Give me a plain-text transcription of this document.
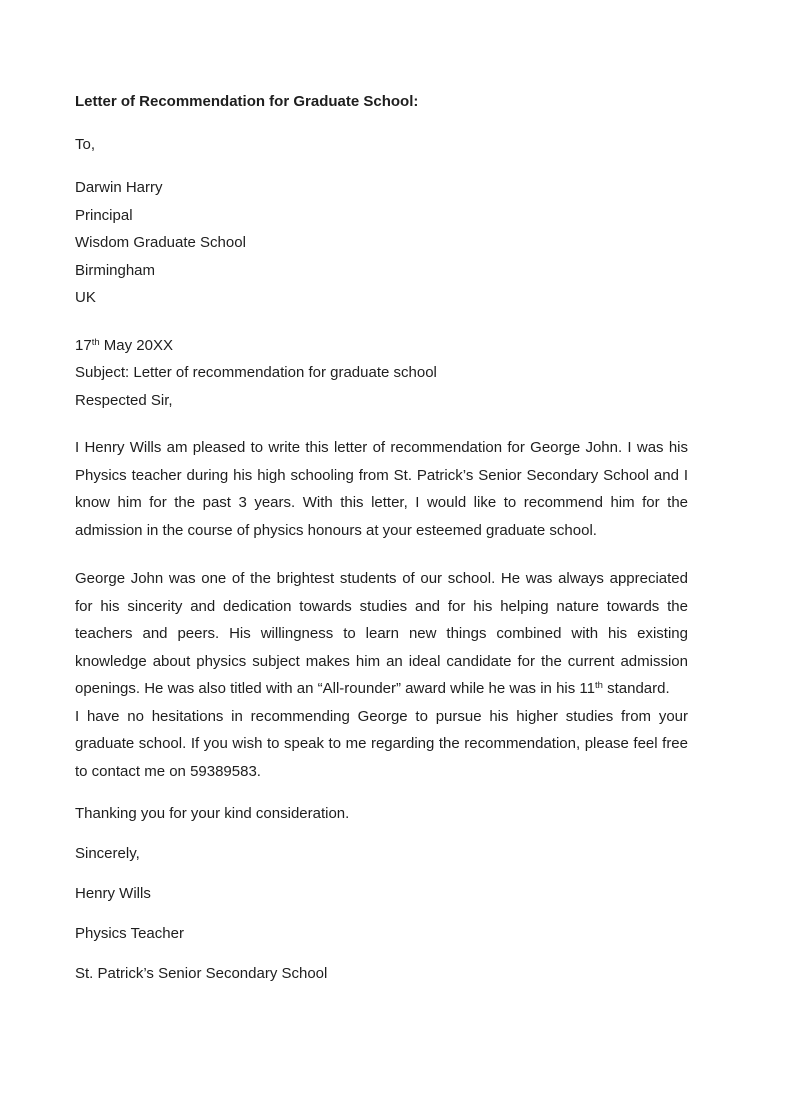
Letter of Recommendation for Graduate School:
To,
Darwin Harry
Principal
Wisdom Graduate School
Birmingham
UK
17th May 20XX
Subject: Letter of recommendation for graduate school
Respected Sir,

I Henry Wills am pleased to write this letter of recommendation for George John. I was his Physics teacher during his high schooling from St. Patrick’s Senior Secondary School and I know him for the past 3 years. With this letter, I would like to recommend him for the admission in the course of physics honours at your esteemed graduate school.

George John was one of the brightest students of our school. He was always appreciated for his sincerity and dedication towards studies and for his helping nature towards the teachers and peers. His willingness to learn new things combined with his existing knowledge about physics subject makes him an ideal candidate for the current admission openings. He was also titled with an “All-rounder” award while he was in his 11th standard.

I have no hesitations in recommending George to pursue his higher studies from your graduate school. If you wish to speak to me regarding the recommendation, please feel free to contact me on 59389583.

Thanking you for your kind consideration.
Sincerely,
Henry Wills
Physics Teacher
St. Patrick’s Senior Secondary School
